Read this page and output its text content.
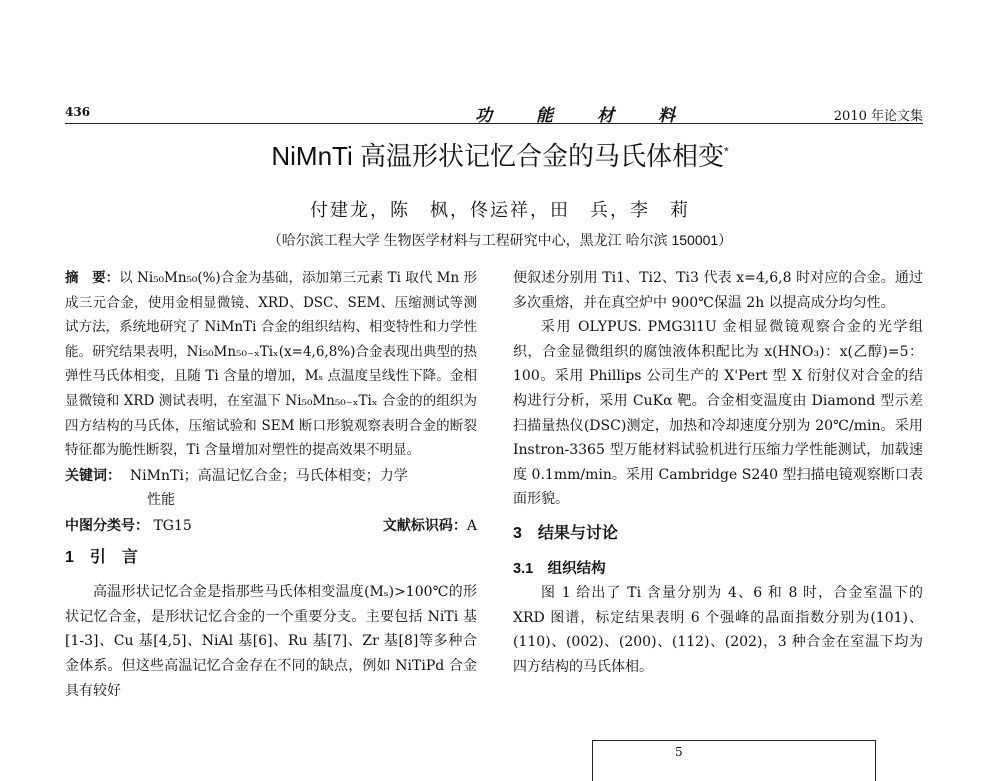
436	功能材料	2010 年论文集
NiMnTi 高温形状记忆合金的马氏体相变*
付建龙，陈　枫，佟运祥，田　兵，李　莉
（哈尔滨工程大学 生物医学材料与工程研究中心，黑龙江 哈尔滨 150001）

摘　要：以 Ni₅₀Mn₅₀(%)合金为基础，添加第三元素 Ti 取代 Mn 形成三元合金，使用金相显微镜、XRD、DSC、SEM、压缩测试等测试方法，系统地研究了 NiMnTi 合金的组织结构、相变特性和力学性能。研究结果表明，Ni₅₀Mn₅₀₋ₓTiₓ(x=4,6,8%)合金表现出典型的热弹性马氏体相变，且随 Ti 含量的增加，Mₛ 点温度呈线性下降。金相显微镜和 XRD 测试表明，在室温下 Ni₅₀Mn₅₀₋ₓTiₓ 合金的的组织为四方结构的马氏体，压缩试验和 SEM 断口形貌观察表明合金的断裂特征都为脆性断裂，Ti 含量增加对塑性的提高效果不明显。

关键词： NiMnTi；高温记忆合金；马氏体相变；力学

性能

中图分类号： TG15	文献标识码：A
1　引　言

高温形状记忆合金是指那些马氏体相变温度(Mₛ)>100℃的形状记忆合金，是形状记忆合金的一个重要分支。主要包括 NiTi 基[1-3]、Cu 基[4,5]、NiAl 基[6]、Ru 基[7]、Zr 基[8]等多种合金体系。但这些高温记忆合金存在不同的缺点，例如 NiTiPd 合金具有较好

便叙述分别用 Ti1、Ti2、Ti3 代表 x=4,6,8 时对应的合金。通过多次重熔，并在真空炉中 900℃保温 2h 以提高成分均匀性。

采用 OLYPUS. PMG3l1U 金相显微镜观察合金的光学组织，合金显微组织的腐蚀液体积配比为 x(HNO₃)：x(乙醇)=5：100。采用 Phillips 公司生产的 X'Pert 型 X 衍射仪对合金的结构进行分析，采用 CuKα 靶。合金相变温度由 Diamond 型示差扫描量热仪(DSC)测定，加热和冷却速度分别为 20℃/min。采用 Instron-3365 型万能材料试验机进行压缩力学性能测试，加载速度 0.1mm/min。采用 Cambridge S240 型扫描电镜观察断口表面形貌。

3　结果与讨论
3.1　组织结构

图 1 给出了 Ti 含量分别为 4、6 和 8 时，合金室温下的 XRD 图谱，标定结果表明 6 个强峰的晶面指数分别为(101)、(110)、(002)、(200)、(112)、(202)，3 种合金在室温下均为四方结构的马氏体相。

5
